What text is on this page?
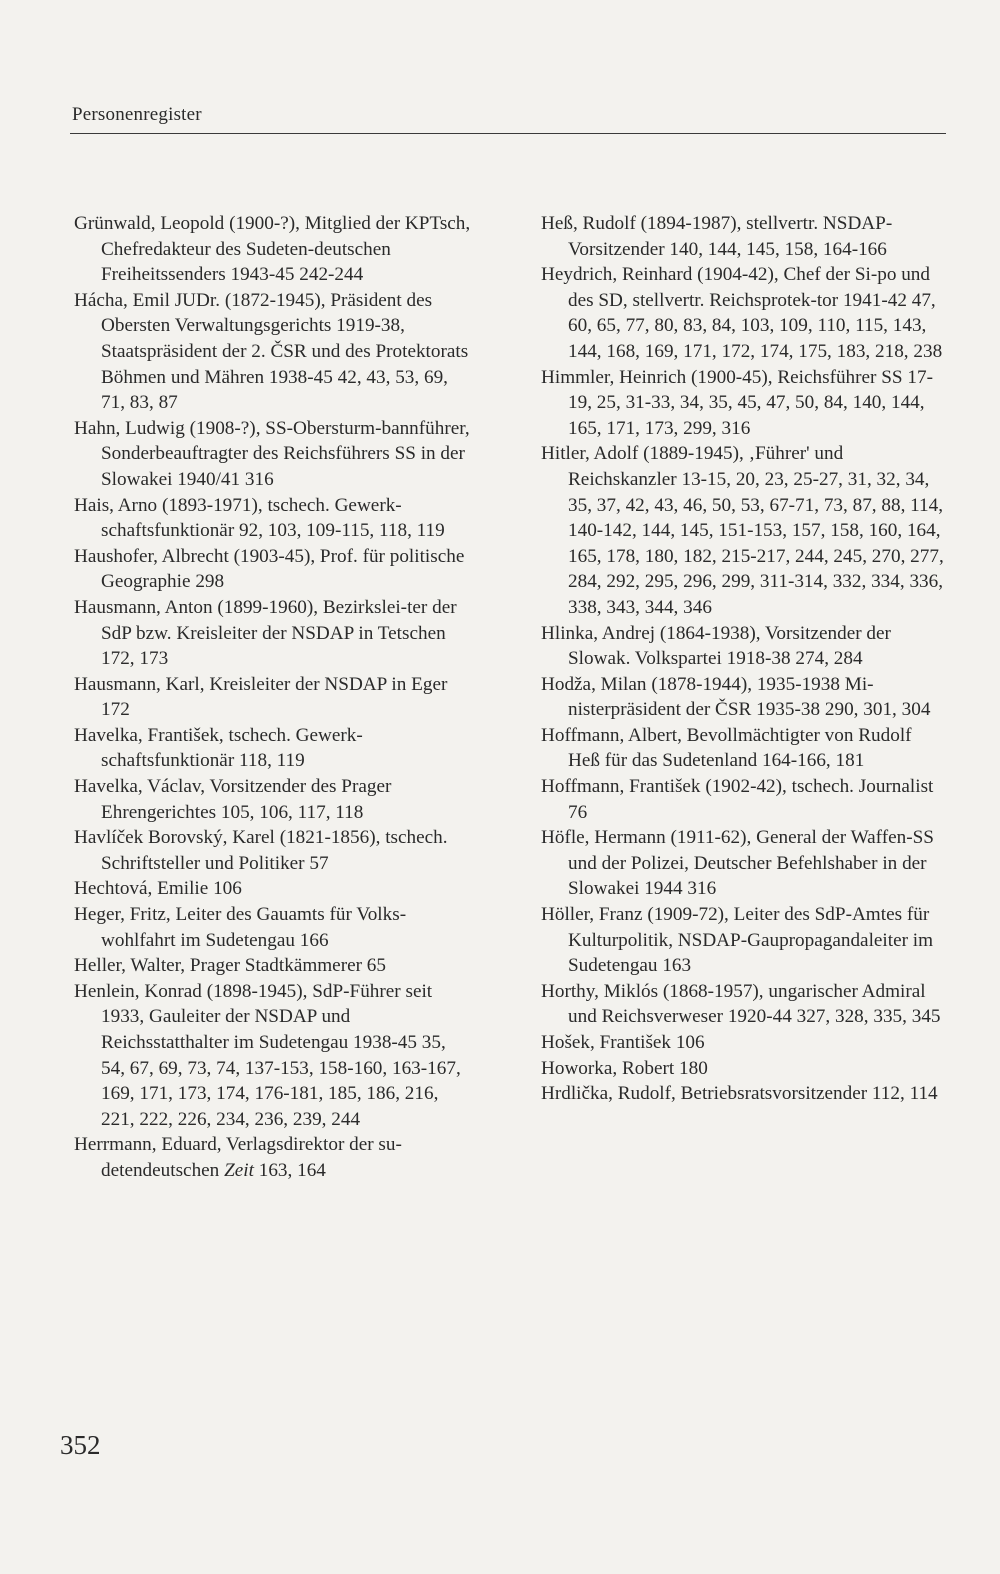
Personenregister

Grünwald, Leopold (1900-?), Mitglied der KPTsch, Chefredakteur des Sudeten-deutschen Freiheitssenders 1943-45 242-244

Hácha, Emil JUDr. (1872-1945), Präsident des Obersten Verwaltungsgerichts 1919-38, Staatspräsident der 2. ČSR und des Protektorats Böhmen und Mähren 1938-45 42, 43, 53, 69, 71, 83, 87

Hahn, Ludwig (1908-?), SS-Obersturm-bannführer, Sonderbeauftragter des Reichsführers SS in der Slowakei 1940/41 316

Hais, Arno (1893-1971), tschech. Gewerk-schaftsfunktionär 92, 103, 109-115, 118, 119

Haushofer, Albrecht (1903-45), Prof. für politische Geographie 298

Hausmann, Anton (1899-1960), Bezirkslei-ter der SdP bzw. Kreisleiter der NSDAP in Tetschen 172, 173

Hausmann, Karl, Kreisleiter der NSDAP in Eger 172

Havelka, František, tschech. Gewerk-schaftsfunktionär 118, 119

Havelka, Václav, Vorsitzender des Prager Ehrengerichtes 105, 106, 117, 118

Havlíček Borovský, Karel (1821-1856), tschech. Schriftsteller und Politiker 57

Hechtová, Emilie 106

Heger, Fritz, Leiter des Gauamts für Volks-wohlfahrt im Sudetengau 166

Heller, Walter, Prager Stadtkämmerer 65

Henlein, Konrad (1898-1945), SdP-Führer seit 1933, Gauleiter der NSDAP und Reichsstatthalter im Sudetengau 1938-45 35, 54, 67, 69, 73, 74, 137-153, 158-160, 163-167, 169, 171, 173, 174, 176-181, 185, 186, 216, 221, 222, 226, 234, 236, 239, 244

Herrmann, Eduard, Verlagsdirektor der su-detendeutschen Zeit 163, 164

Heß, Rudolf (1894-1987), stellvertr. NSDAP-Vorsitzender 140, 144, 145, 158, 164-166

Heydrich, Reinhard (1904-42), Chef der Si-po und des SD, stellvertr. Reichsprotek-tor 1941-42 47, 60, 65, 77, 80, 83, 84, 103, 109, 110, 115, 143, 144, 168, 169, 171, 172, 174, 175, 183, 218, 238

Himmler, Heinrich (1900-45), Reichsführer SS 17-19, 25, 31-33, 34, 35, 45, 47, 50, 84, 140, 144, 165, 171, 173, 299, 316

Hitler, Adolf (1889-1945), ‚Führer' und Reichskanzler 13-15, 20, 23, 25-27, 31, 32, 34, 35, 37, 42, 43, 46, 50, 53, 67-71, 73, 87, 88, 114, 140-142, 144, 145, 151-153, 157, 158, 160, 164, 165, 178, 180, 182, 215-217, 244, 245, 270, 277, 284, 292, 295, 296, 299, 311-314, 332, 334, 336, 338, 343, 344, 346

Hlinka, Andrej (1864-1938), Vorsitzender der Slowak. Volkspartei 1918-38 274, 284

Hodža, Milan (1878-1944), 1935-1938 Mi-nisterpräsident der ČSR 1935-38 290, 301, 304

Hoffmann, Albert, Bevollmächtigter von Rudolf Heß für das Sudetenland 164-166, 181

Hoffmann, František (1902-42), tschech. Journalist 76

Höfle, Hermann (1911-62), General der Waffen-SS und der Polizei, Deutscher Befehlshaber in der Slowakei 1944 316

Höller, Franz (1909-72), Leiter des SdP-Amtes für Kulturpolitik, NSDAP-Gaupropagandaleiter im Sudetengau 163

Horthy, Miklós (1868-1957), ungarischer Admiral und Reichsverweser 1920-44 327, 328, 335, 345

Hošek, František 106

Howorka, Robert 180

Hrdlička, Rudolf, Betriebsratsvorsitzender 112, 114

352
